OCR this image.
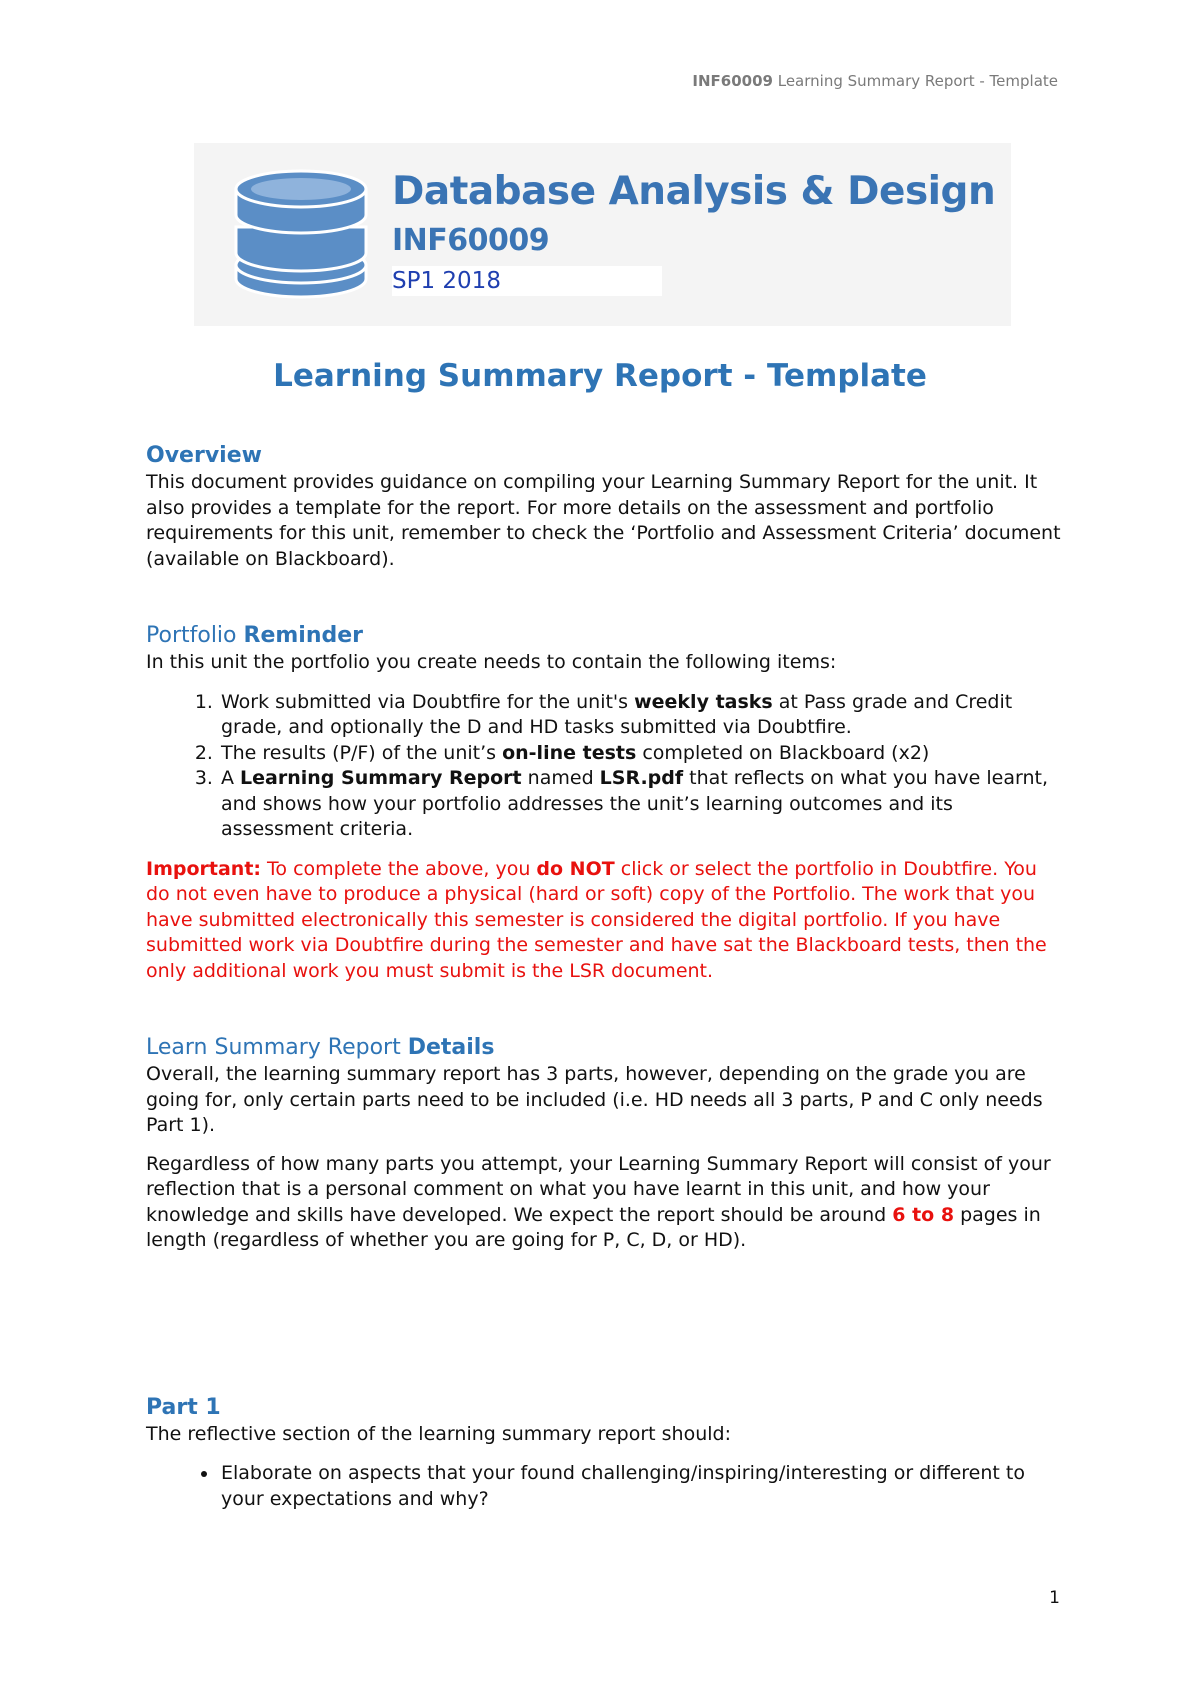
INF60009 Learning Summary Report - Template
Database Analysis & Design
INF60009
SP1 2018
Learning Summary Report - Template
Overview

This document provides guidance on compiling your Learning Summary Report for the unit. It also provides a template for the report. For more details on the assessment and portfolio requirements for this unit, remember to check the ‘Portfolio and Assessment Criteria’ document (available on Blackboard).

Portfolio Reminder

In this unit the portfolio you create needs to contain the following items:

1. Work submitted via Doubtfire for the unit's weekly tasks at Pass grade and Credit grade, and optionally the D and HD tasks submitted via Doubtfire.
2. The results (P/F) of the unit’s on-line tests completed on Blackboard (x2)
3. A Learning Summary Report named LSR.pdf that reflects on what you have learnt, and shows how your portfolio addresses the unit’s learning outcomes and its assessment criteria.

Important: To complete the above, you do NOT click or select the portfolio in Doubtfire. You do not even have to produce a physical (hard or soft) copy of the Portfolio. The work that you have submitted electronically this semester is considered the digital portfolio. If you have submitted work via Doubtfire during the semester and have sat the Blackboard tests, then the only additional work you must submit is the LSR document.

Learn Summary Report Details

Overall, the learning summary report has 3 parts, however, depending on the grade you are going for, only certain parts need to be included (i.e. HD needs all 3 parts, P and C only needs Part 1).

Regardless of how many parts you attempt, your Learning Summary Report will consist of your reflection that is a personal comment on what you have learnt in this unit, and how your knowledge and skills have developed. We expect the report should be around 6 to 8 pages in length (regardless of whether you are going for P, C, D, or HD).

Part 1

The reflective section of the learning summary report should:

• Elaborate on aspects that your found challenging/inspiring/interesting or different to your expectations and why?
1
